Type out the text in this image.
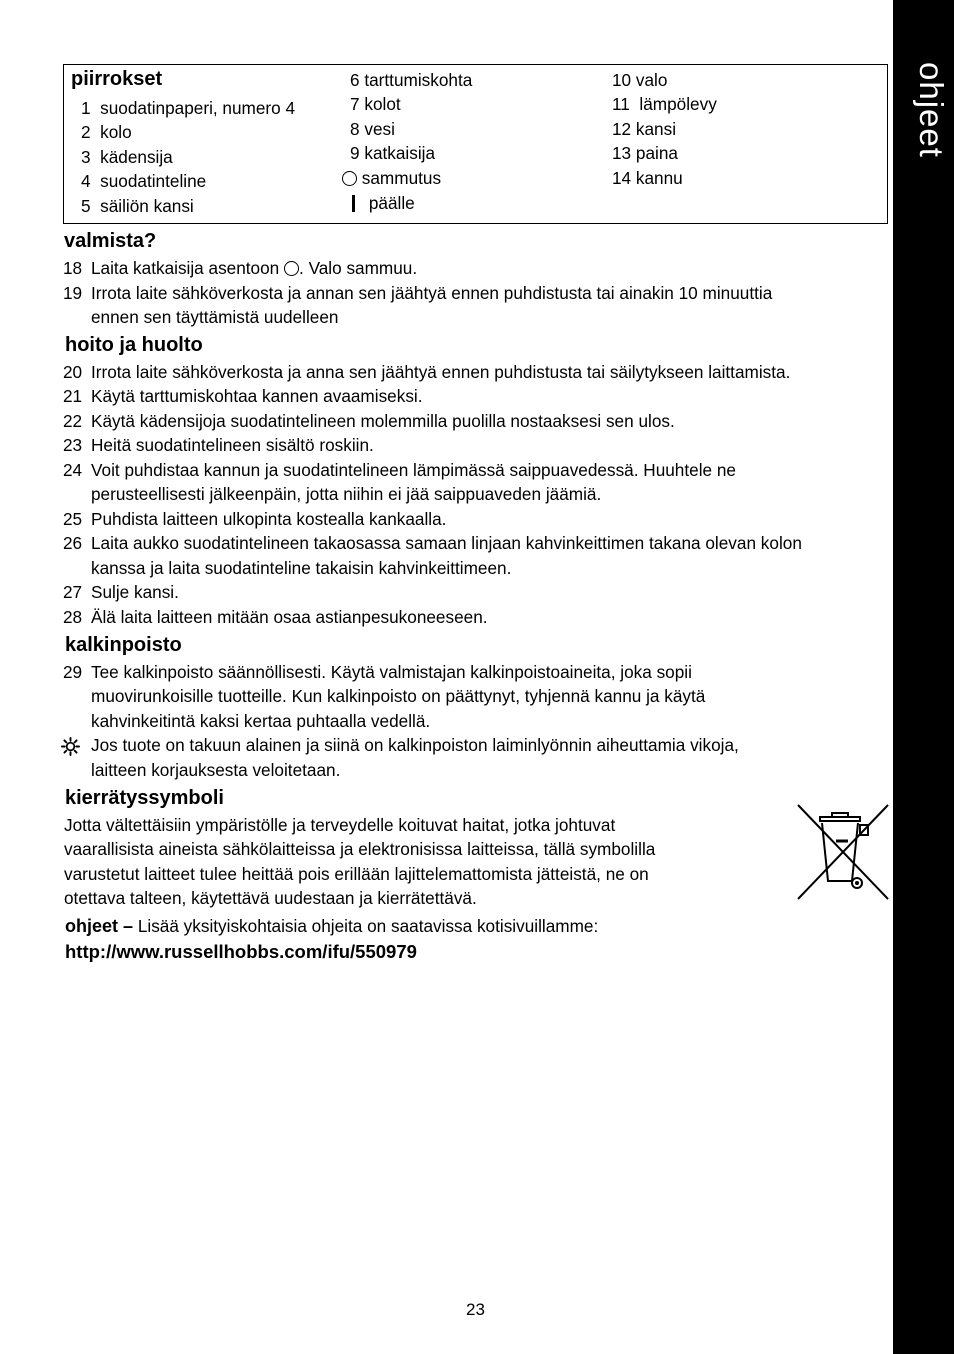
ohjeet
piirrokset
1 suodatinpaperi, numero 4
2 kolo
3 kädensija
4 suodatinteline
5 säiliön kansi
6 tarttumiskohta
7 kolot
8 vesi
9 katkaisija
sammutus
päälle
10 valo
11 lämpölevy
12 kansi
13 paina
14 kannu
valmista?
18 Laita katkaisija asentoon . Valo sammuu.
19 Irrota laite sähköverkosta ja annan sen jäähtyä ennen puhdistusta tai ainakin 10 minuuttia
ennen sen täyttämistä uudelleen
hoito ja huolto
20 Irrota laite sähköverkosta ja anna sen jäähtyä ennen puhdistusta tai säilytykseen laittamista.
21 Käytä tarttumiskohtaa kannen avaamiseksi.
22 Käytä kädensijoja suodatintelineen molemmilla puolilla nostaaksesi sen ulos.
23 Heitä suodatintelineen sisältö roskiin.
24 Voit puhdistaa kannun ja suodatintelineen lämpimässä saippuavedessä. Huuhtele ne
perusteellisesti jälkeenpäin, jotta niihin ei jää saippuaveden jäämiä.
25 Puhdista laitteen ulkopinta kostealla kankaalla.
26 Laita aukko suodatintelineen takaosassa samaan linjaan kahvinkeittimen takana olevan kolon
kanssa ja laita suodatinteline takaisin kahvinkeittimeen.
27 Sulje kansi.
28 Älä laita laitteen mitään osaa astianpesukoneeseen.
kalkinpoisto
29 Tee kalkinpoisto säännöllisesti. Käytä valmistajan kalkinpoistoaineita, joka sopii
muovirunkoisille tuotteille. Kun kalkinpoisto on päättynyt, tyhjennä kannu ja käytä
kahvinkeitintä kaksi kertaa puhtaalla vedellä.
Jos tuote on takuun alainen ja siinä on kalkinpoiston laiminlyönnin aiheuttamia vikoja,
laitteen korjauksesta veloitetaan.
kierrätyssymboli
Jotta vältettäisiin ympäristölle ja terveydelle koituvat haitat, jotka johtuvat
vaarallisista aineista sähkölaitteissa ja elektronisissa laitteissa, tällä symbolilla
varustetut laitteet tulee heittää pois erillään lajittelemattomista jätteistä, ne on
otettava talteen, käytettävä uudestaan ja kierrätettävä.
ohjeet – Lisää yksityiskohtaisia ohjeita on saatavissa kotisivuillamme:
http://www.russellhobbs.com/ifu/550979
23
